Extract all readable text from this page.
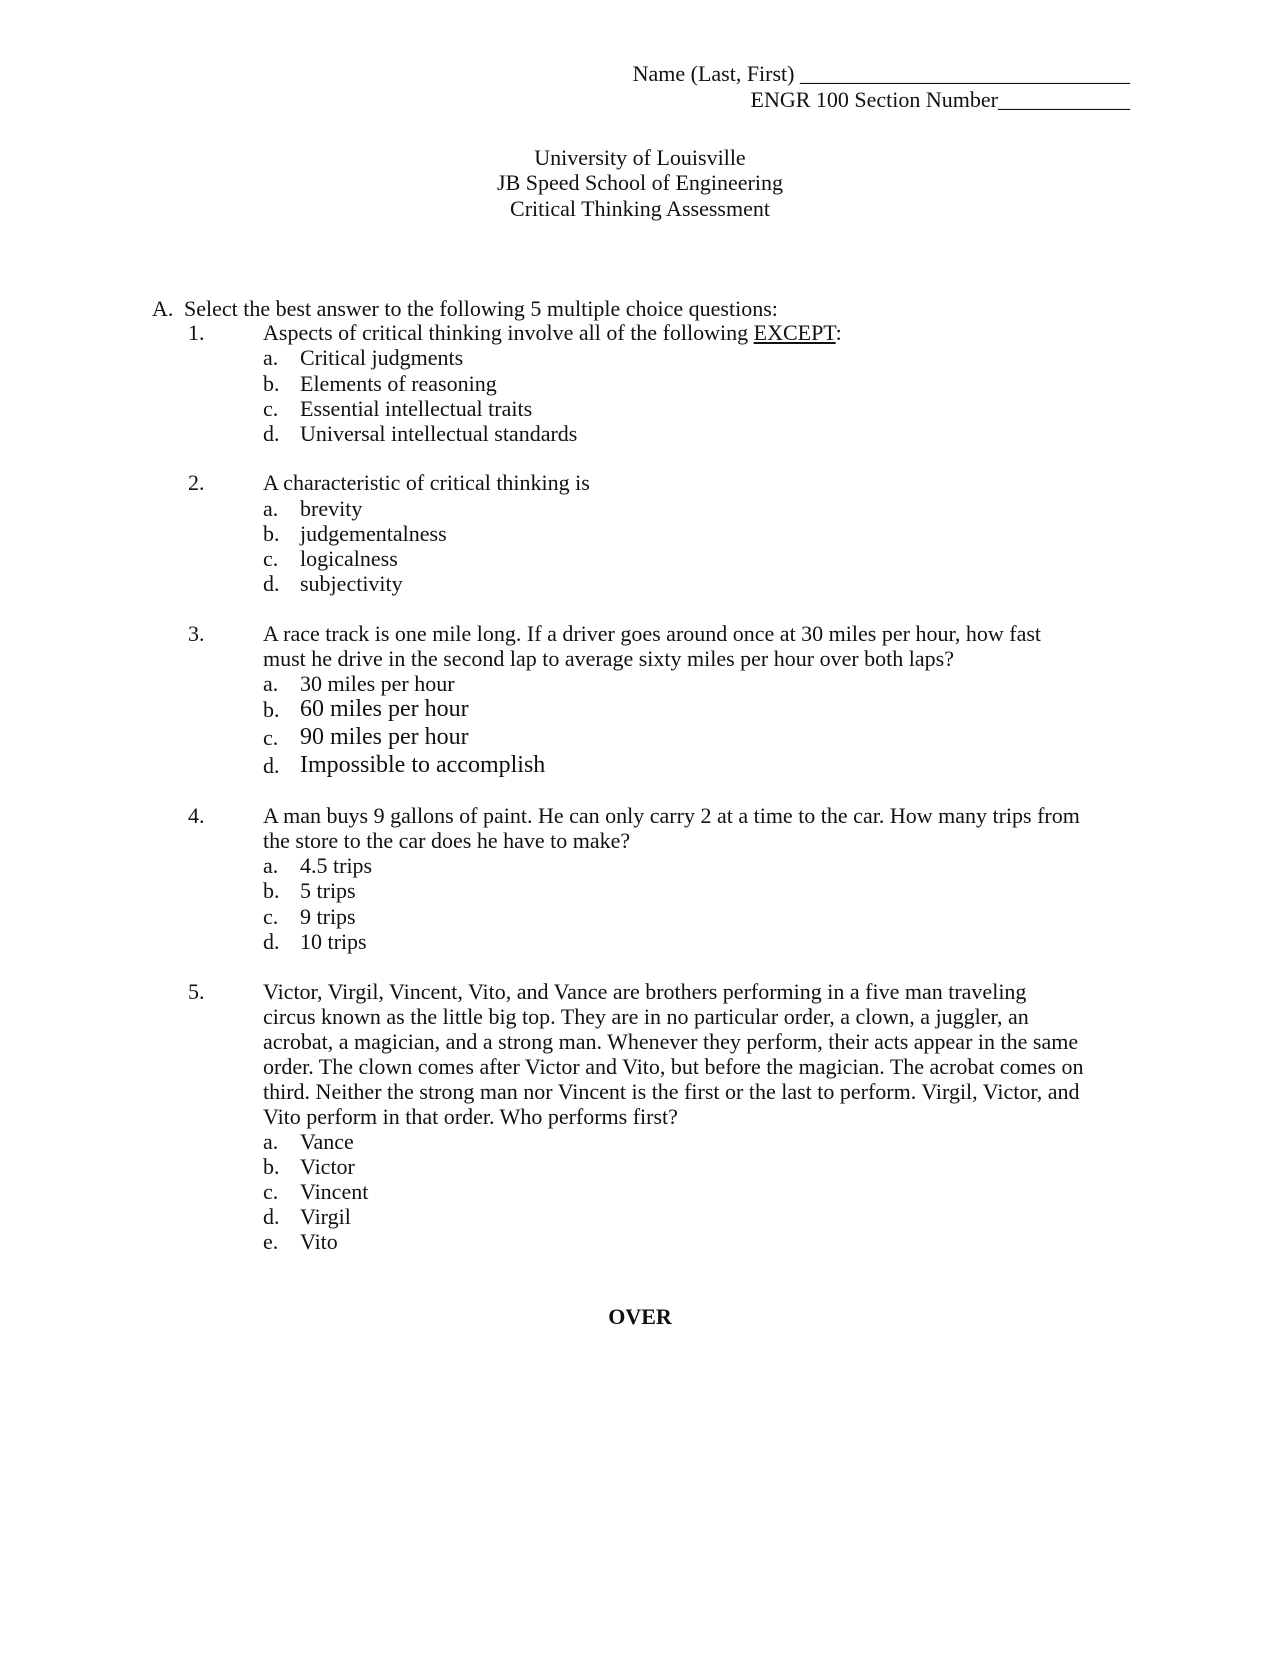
Name (Last, First) ______________________________
ENGR 100 Section Number____________
University of Louisville
JB Speed School of Engineering
Critical Thinking Assessment
A. Select the best answer to the following 5 multiple choice questions:
1.	Aspects of critical thinking involve all of the following EXCEPT:
a. Critical judgments
b. Elements of reasoning
c. Essential intellectual traits
d. Universal intellectual standards
2.	A characteristic of critical thinking is
a. brevity
b. judgementalness
c. logicalness
d. subjectivity
3.	A race track is one mile long. If a driver goes around once at 30 miles per hour, how fast
must he drive in the second lap to average sixty miles per hour over both laps?
a. 30 miles per hour
b. 60 miles per hour
c. 90 miles per hour
d. Impossible to accomplish
4.	A man buys 9 gallons of paint. He can only carry 2 at a time to the car. How many trips from
the store to the car does he have to make?
a. 4.5 trips
b. 5 trips
c. 9 trips
d. 10 trips
5.	Victor, Virgil, Vincent, Vito, and Vance are brothers performing in a five man traveling
circus known as the little big top. They are in no particular order, a clown, a juggler, an
acrobat, a magician, and a strong man. Whenever they perform, their acts appear in the same
order. The clown comes after Victor and Vito, but before the magician. The acrobat comes on
third. Neither the strong man nor Vincent is the first or the last to perform. Virgil, Victor, and
Vito perform in that order. Who performs first?
a. Vance
b. Victor
c. Vincent
d. Virgil
e. Vito
OVER
